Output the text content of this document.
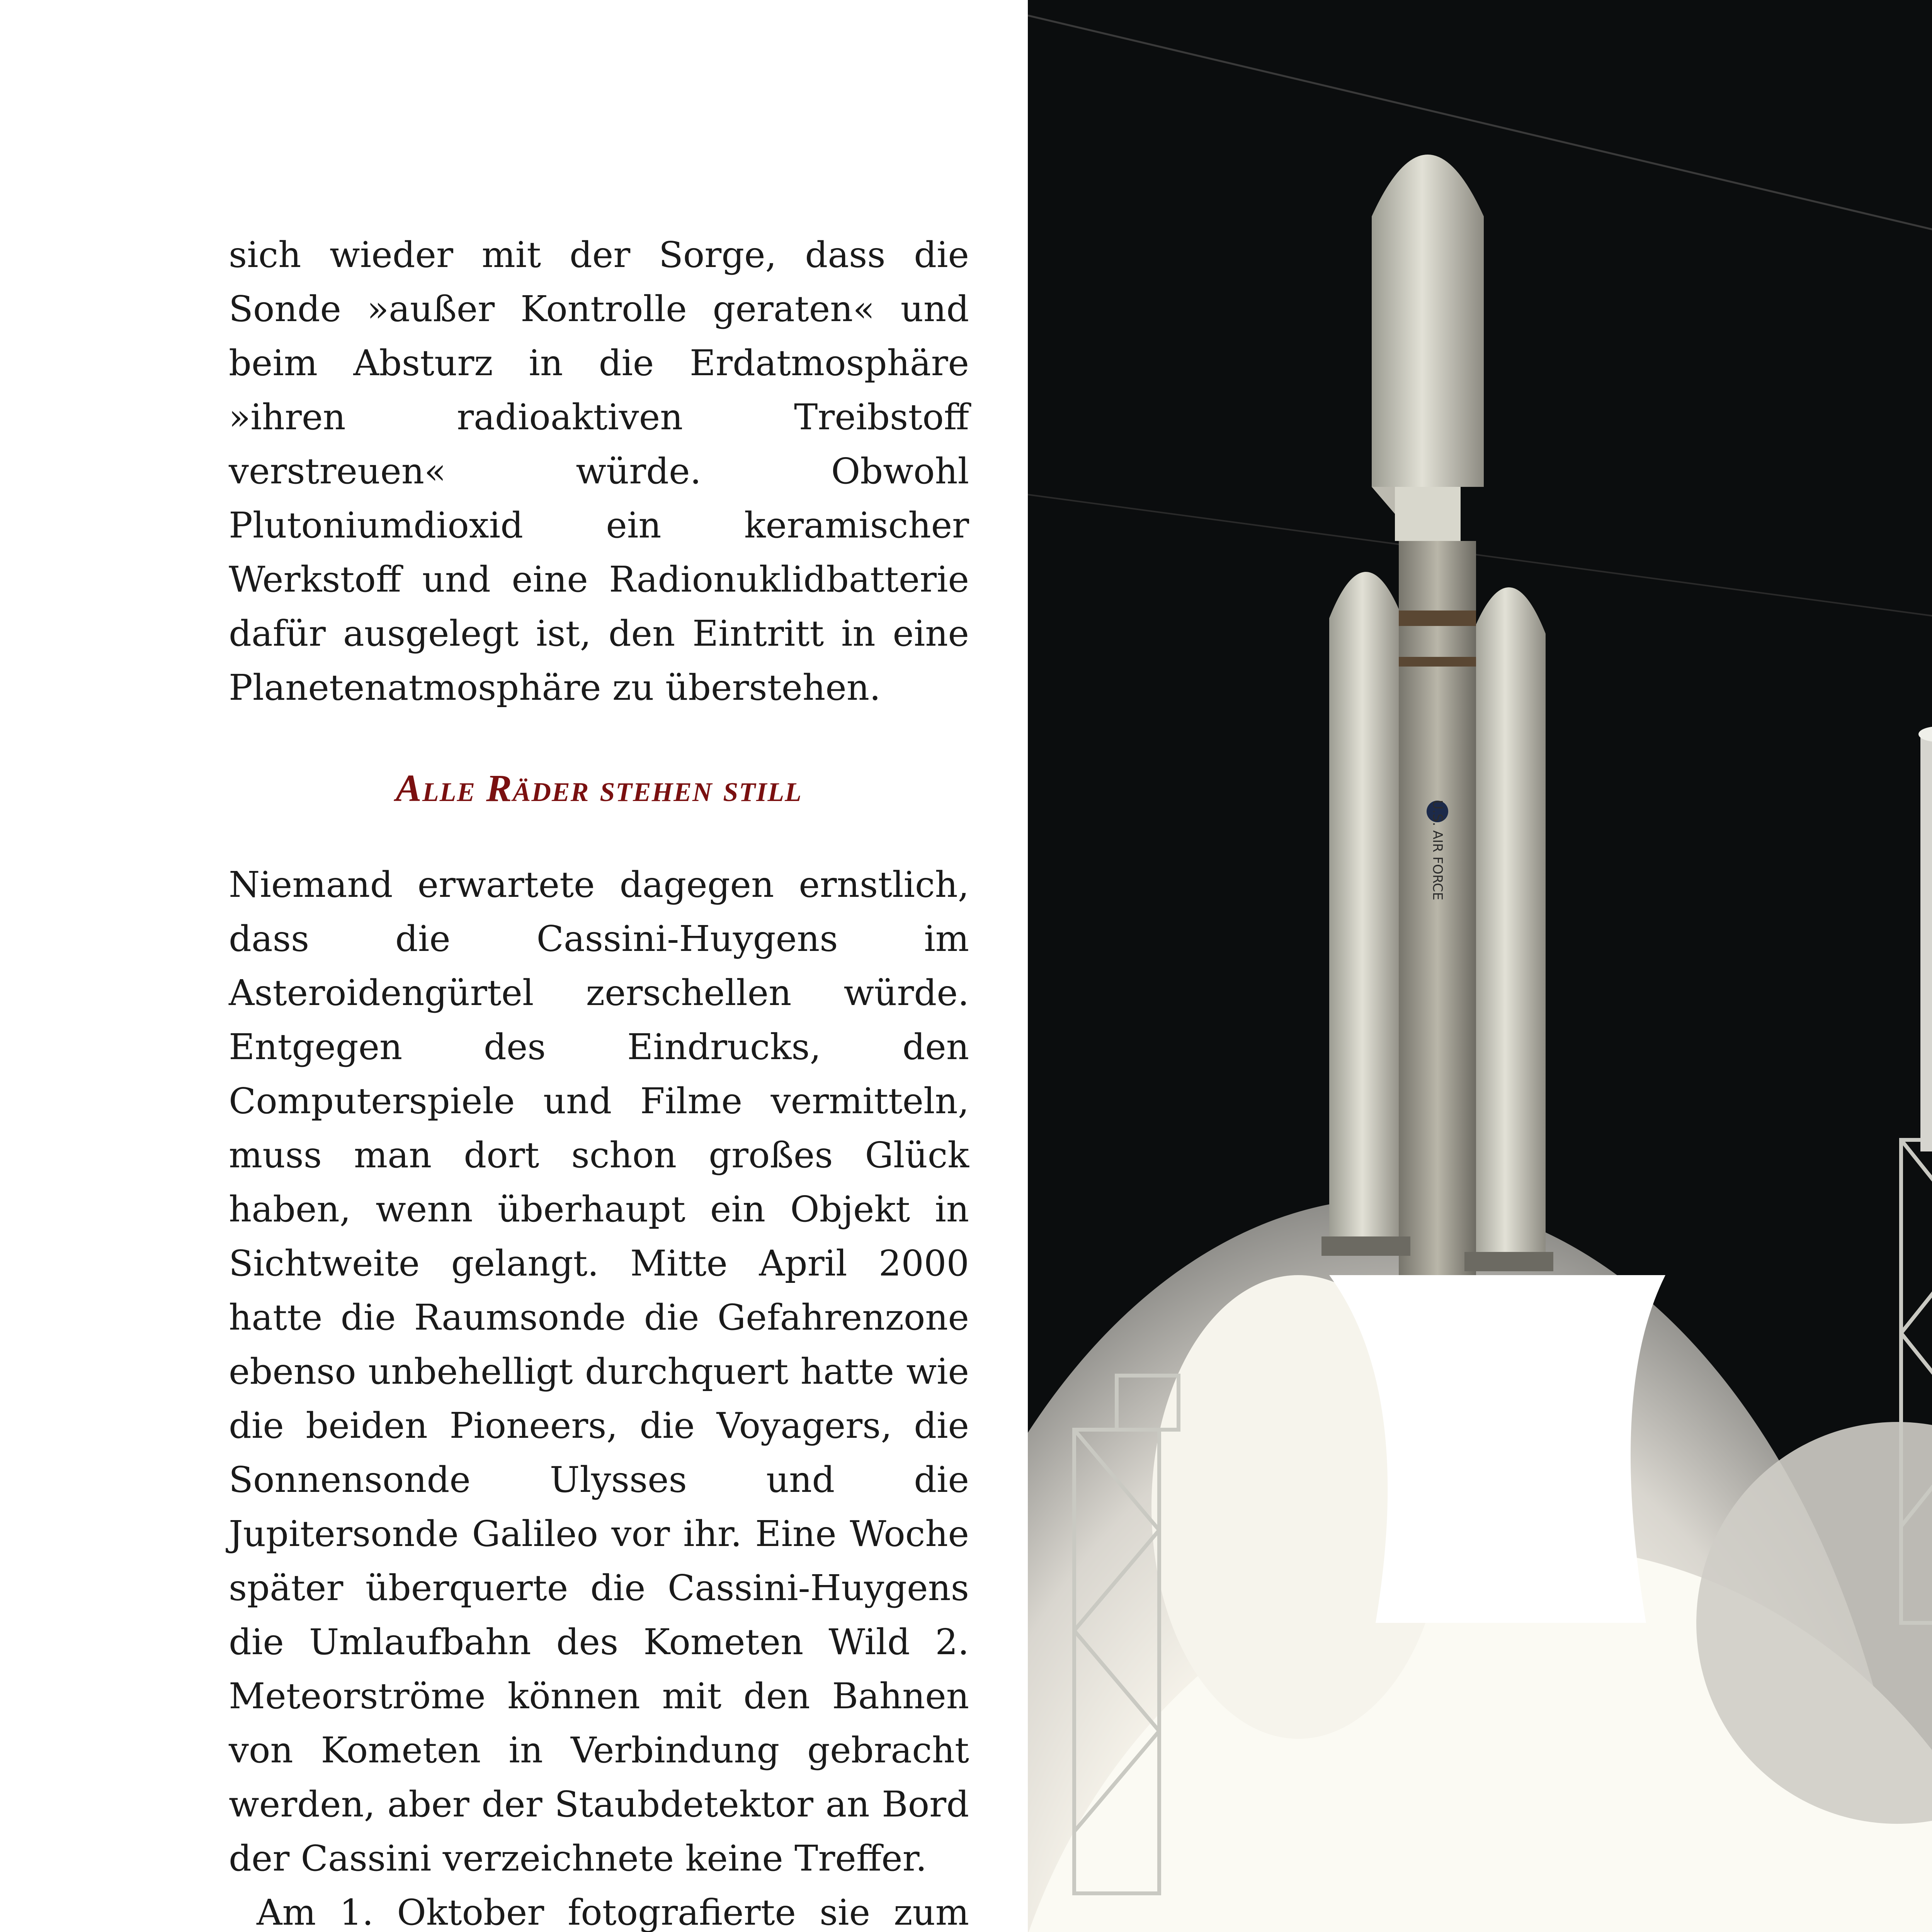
sich wieder mit der Sorge, dass die Sonde »außer Kontrolle geraten« und beim Absturz in die Erdatmosphäre »ihren radioaktiven Treibstoff verstreuen« würde. Obwohl Plutoniumdioxid ein keramischer Werkstoff und eine Radionuklidbatterie dafür ausgelegt ist, den Eintritt in eine Planetenatmosphäre zu überstehen.

Alle Räder stehen still

Niemand erwartete dagegen ernstlich, dass die Cassini-Huygens im Asteroidengürtel zerschellen würde. Entgegen des Eindrucks, den Computerspiele und Filme vermitteln, muss man dort schon großes Glück haben, wenn überhaupt ein Objekt in Sichtweite gelangt. Mitte April 2000 hatte die Raumsonde die Gefahrenzone ebenso unbehelligt durchquert hatte wie die beiden Pioneers, die Voyagers, die Sonnensonde Ulysses und die Jupitersonde Galileo vor ihr. Eine Woche später überquerte die Cassini-Huygens die Umlaufbahn des Kometen Wild 2. Meteorströme können mit den Bahnen von Kometen in Verbindung gebracht werden, aber der Staubdetektor an Bord der Cassini verzeichnete keine Treffer.

Am 1. Oktober fotografierte sie zum

U.S. AIR FORCE
